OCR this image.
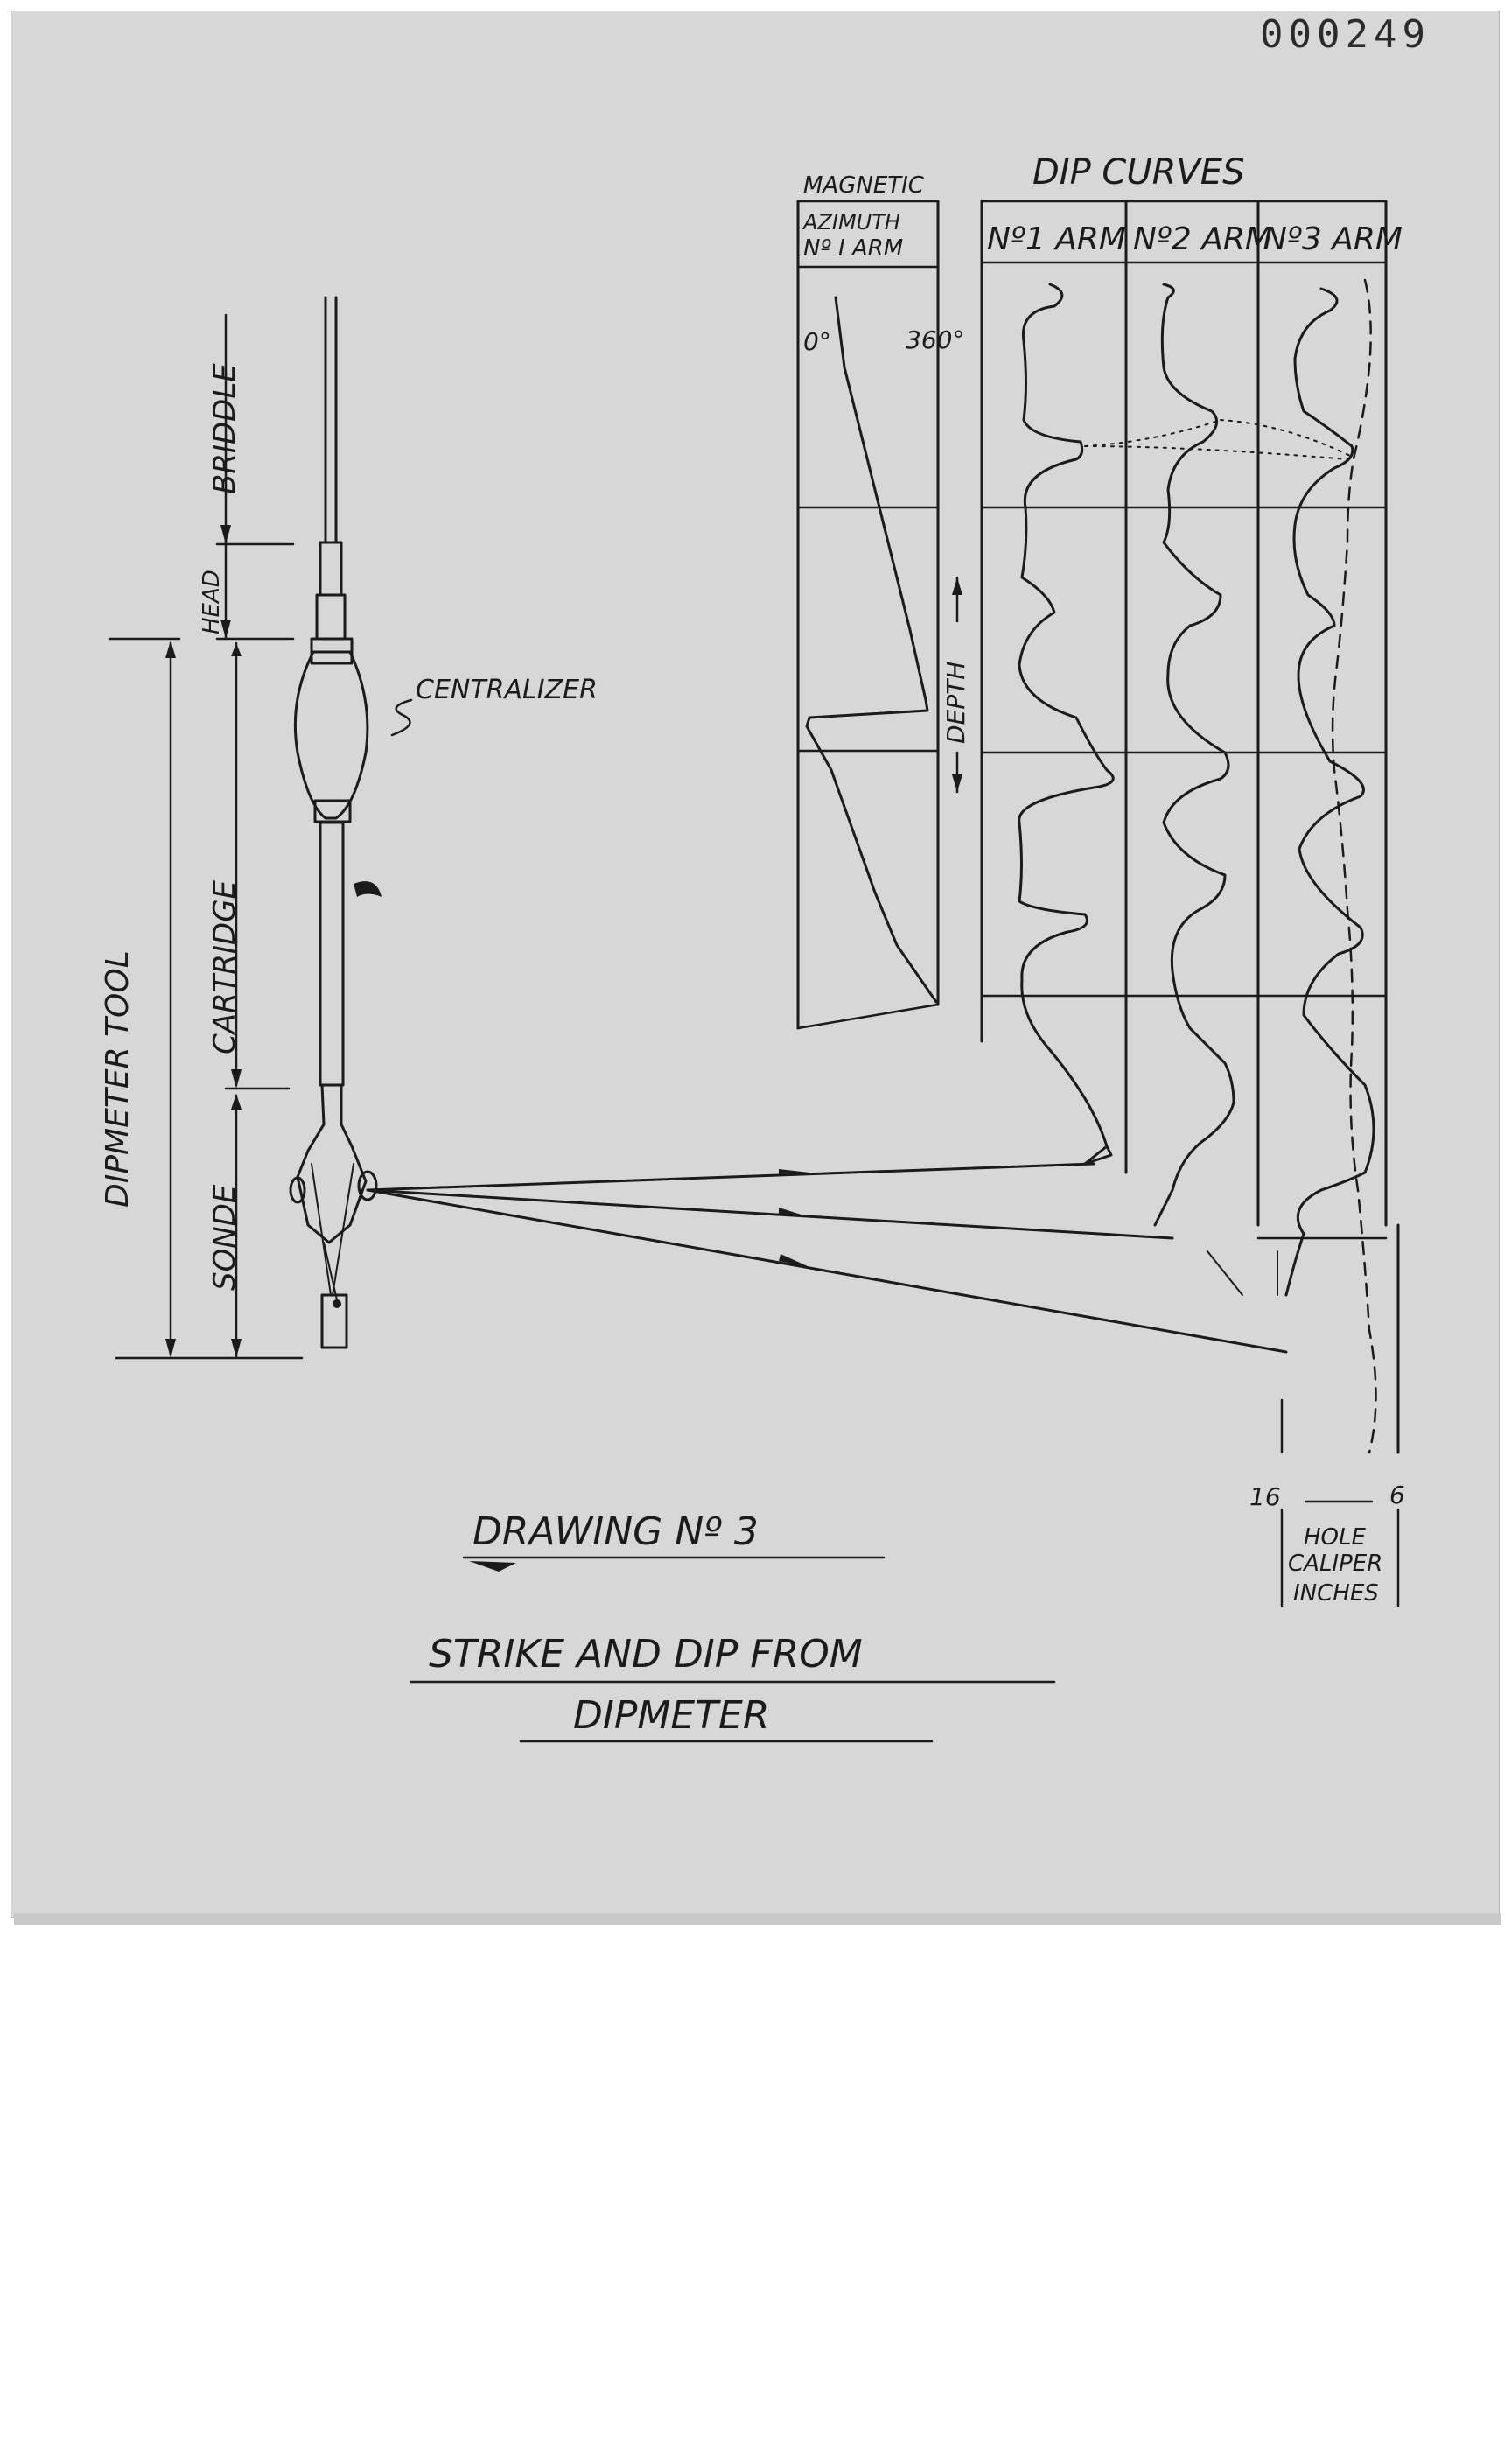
000249
BRIDDLE
HEAD
CARTRIDGE
SONDE
DIPMETER TOOL
CENTRALIZER
MAGNETIC
AZIMUTH
Nº I ARM
0°	360°
DEPTH
DIP CURVES
Nº1 ARM Nº2 ARM
Nº3 ARM
16	6
HOLE
CALIPER
INCHES
DRAWING Nº 3
STRIKE AND DIP FROM
DIPMETER
